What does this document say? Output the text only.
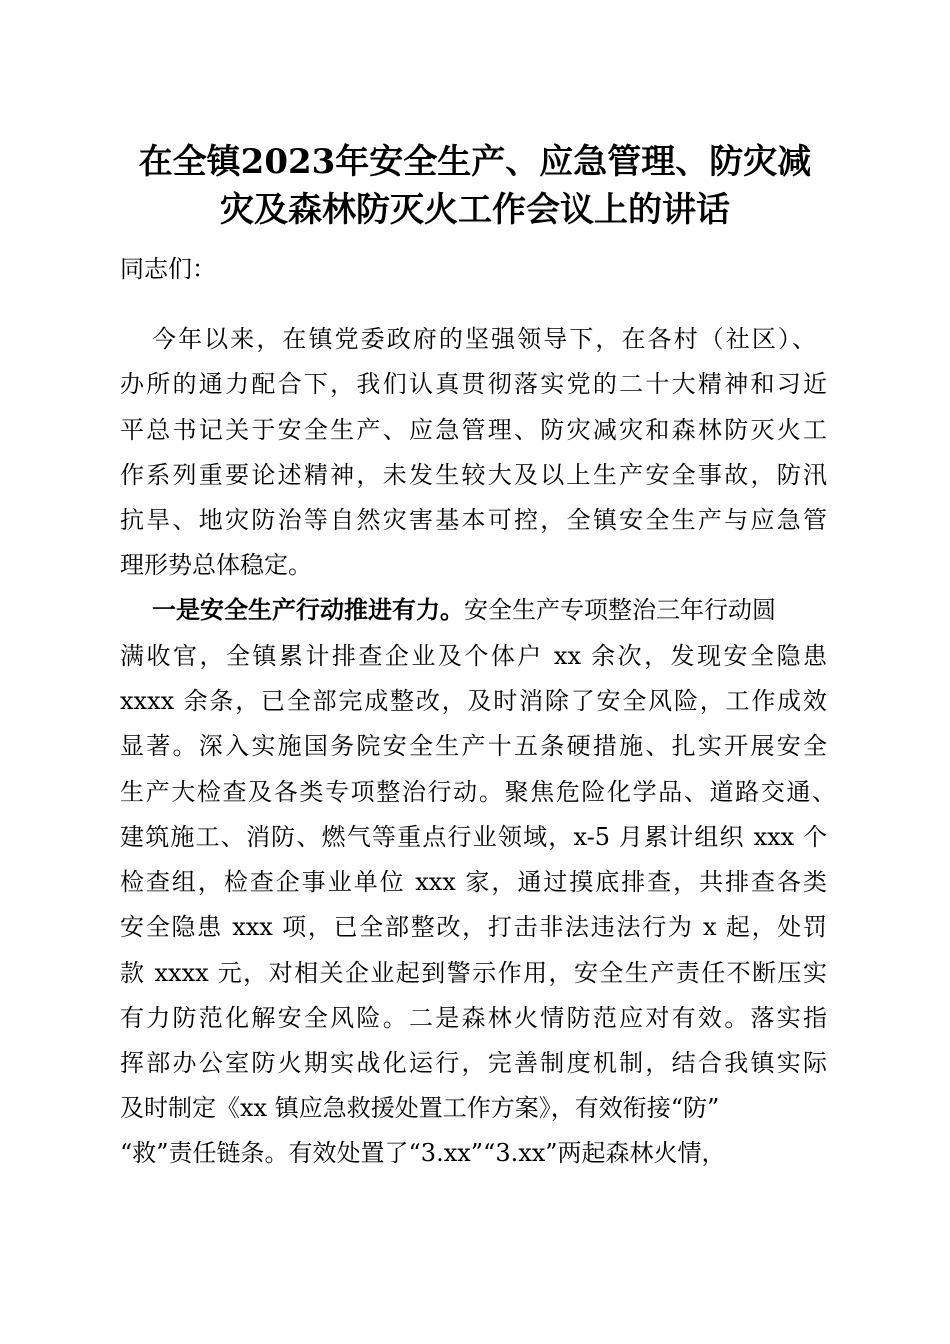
在全镇2023年安全生产、应急管理、防灾减
灾及森林防灭火工作会议上的讲话

同志们：

今年以来，在镇党委政府的坚强领导下，在各村（社区）、

办所的通力配合下，我们认真贯彻落实党的二十大精神和习近

平总书记关于安全生产、应急管理、防灾减灾和森林防灭火工

作系列重要论述精神，未发生较大及以上生产安全事故，防汛

抗旱、地灾防治等自然灾害基本可控，全镇安全生产与应急管

理形势总体稳定。

一是安全生产行动推进有力。安全生产专项整治三年行动圆

满收官，全镇累计排查企业及个体户 xx 余次，发现安全隐患

xxxx 余条，已全部完成整改，及时消除了安全风险，工作成效

显著。深入实施国务院安全生产十五条硬措施、扎实开展安全

生产大检查及各类专项整治行动。聚焦危险化学品、道路交通、

建筑施工、消防、燃气等重点行业领域，x-5 月累计组织 xxx 个

检查组，检查企事业单位 xxx 家，通过摸底排查，共排查各类

安全隐患 xxx 项，已全部整改，打击非法违法行为 x 起，处罚

款 xxxx 元，对相关企业起到警示作用，安全生产责任不断压实

有力防范化解安全风险。二是森林火情防范应对有效。落实指

挥部办公室防火期实战化运行，完善制度机制，结合我镇实际

及时制定《xx 镇应急救援处置工作方案》，有效衔接“防”

“救”责任链条。有效处置了“3.xx”“3.xx”两起森林火情，
